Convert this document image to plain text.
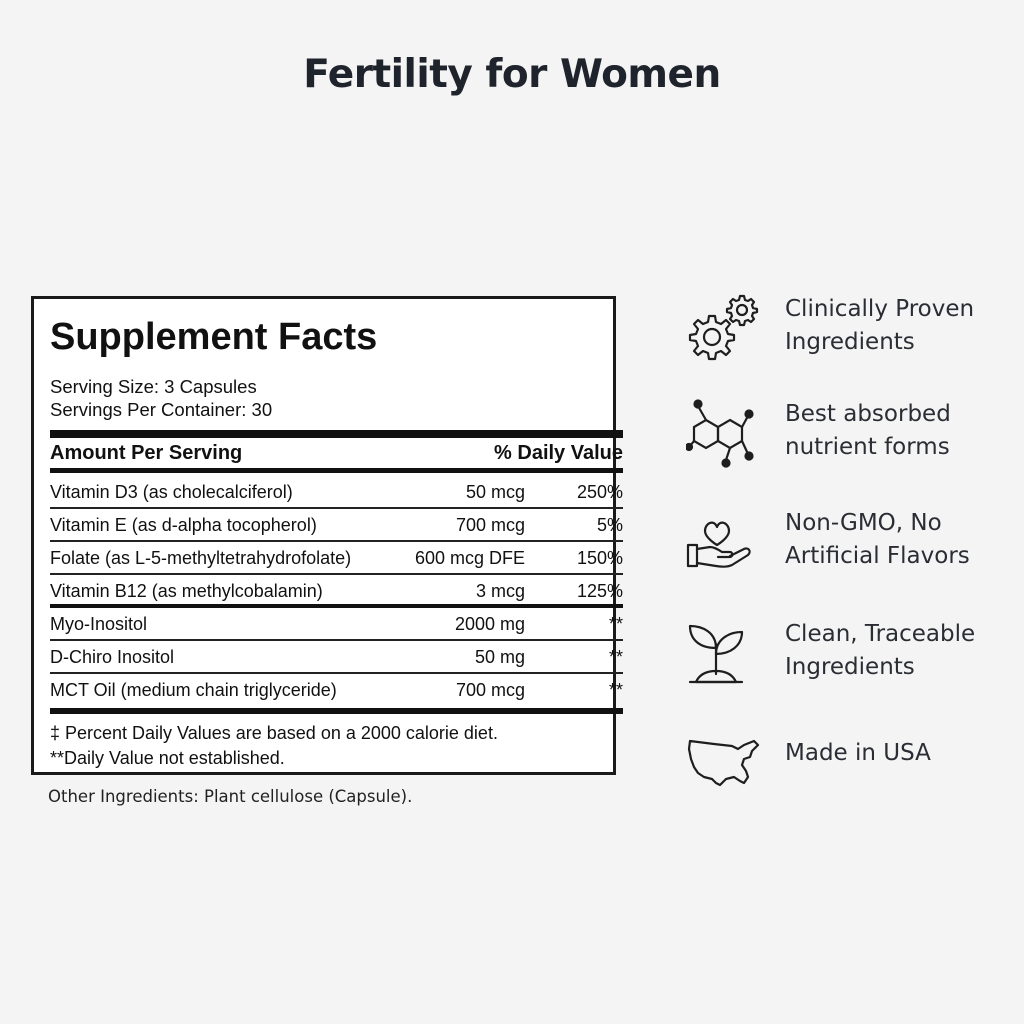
Fertility for Women
Supplement Facts
Serving Size: 3 Capsules
Servings Per Container: 30
Amount Per Serving	% Daily Value
Vitamin D3 (as cholecalciferol)	50 mcg	250%
Vitamin E (as d-alpha tocopherol)	700 mcg	5%
Folate (as L-5-methyltetrahydrofolate)	600 mcg DFE	150%
Vitamin B12 (as methylcobalamin)	3 mcg	125%
Myo-Inositol	2000 mg	**
D-Chiro Inositol	50 mg	**
MCT Oil (medium chain triglyceride)	700 mcg	**
‡ Percent Daily Values are based on a 2000 calorie diet.
**Daily Value not established.
Other Ingredients: Plant cellulose (Capsule).
Clinically Proven
Ingredients
Best absorbed
nutrient forms
Non-GMO, No
Artificial Flavors
Clean, Traceable
Ingredients
Made in USA
